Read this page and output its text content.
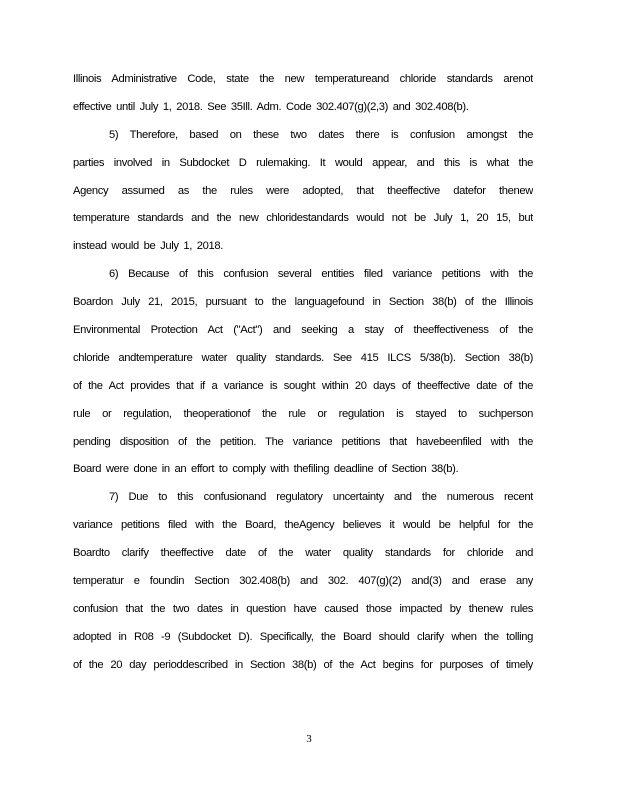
Illinois Administrative Code, state the new temperatureand chloride standards arenot
effective until July 1, 2018. See 35Ill. Adm. Code 302.407(g)(2,3) and 302.408(b).
5) Therefore, based on these two dates there is confusion amongst the
parties involved in Subdocket D rulemaking. It would appear, and this is what the
Agency assumed as the rules were adopted, that theeffective datefor thenew
temperature standards and the new chloridestandards would not be July 1, 20 15, but
instead would be July 1, 2018.
6) Because of this confusion several entities filed variance petitions with the
Boardon July 21, 2015, pursuant to the languagefound in Section 38(b) of the Illinois
Environmental Protection Act ("Act") and seeking a stay of theeffectiveness of the
chloride andtemperature water quality standards. See 415 ILCS 5/38(b). Section 38(b)
of the Act provides that if a variance is sought within 20 days of theeffective date of the
rule or regulation, theoperationof the rule or regulation is stayed to suchperson
pending disposition of the petition. The variance petitions that havebeenfiled with the
Board were done in an effort to comply with thefiling deadline of Section 38(b).
7) Due to this confusionand regulatory uncertainty and the numerous recent
variance petitions filed with the Board, theAgency believes it would be helpful for the
Boardto clarify theeffective date of the water quality standards for chloride and
temperatur e foundin Section 302.408(b) and 302. 407(g)(2) and(3) and erase any
confusion that the two dates in question have caused those impacted by thenew rules
adopted in R08 -9 (Subdocket D). Specifically, the Board should clarify when the tolling
of the 20 day perioddescribed in Section 38(b) of the Act begins for purposes of timely
3
